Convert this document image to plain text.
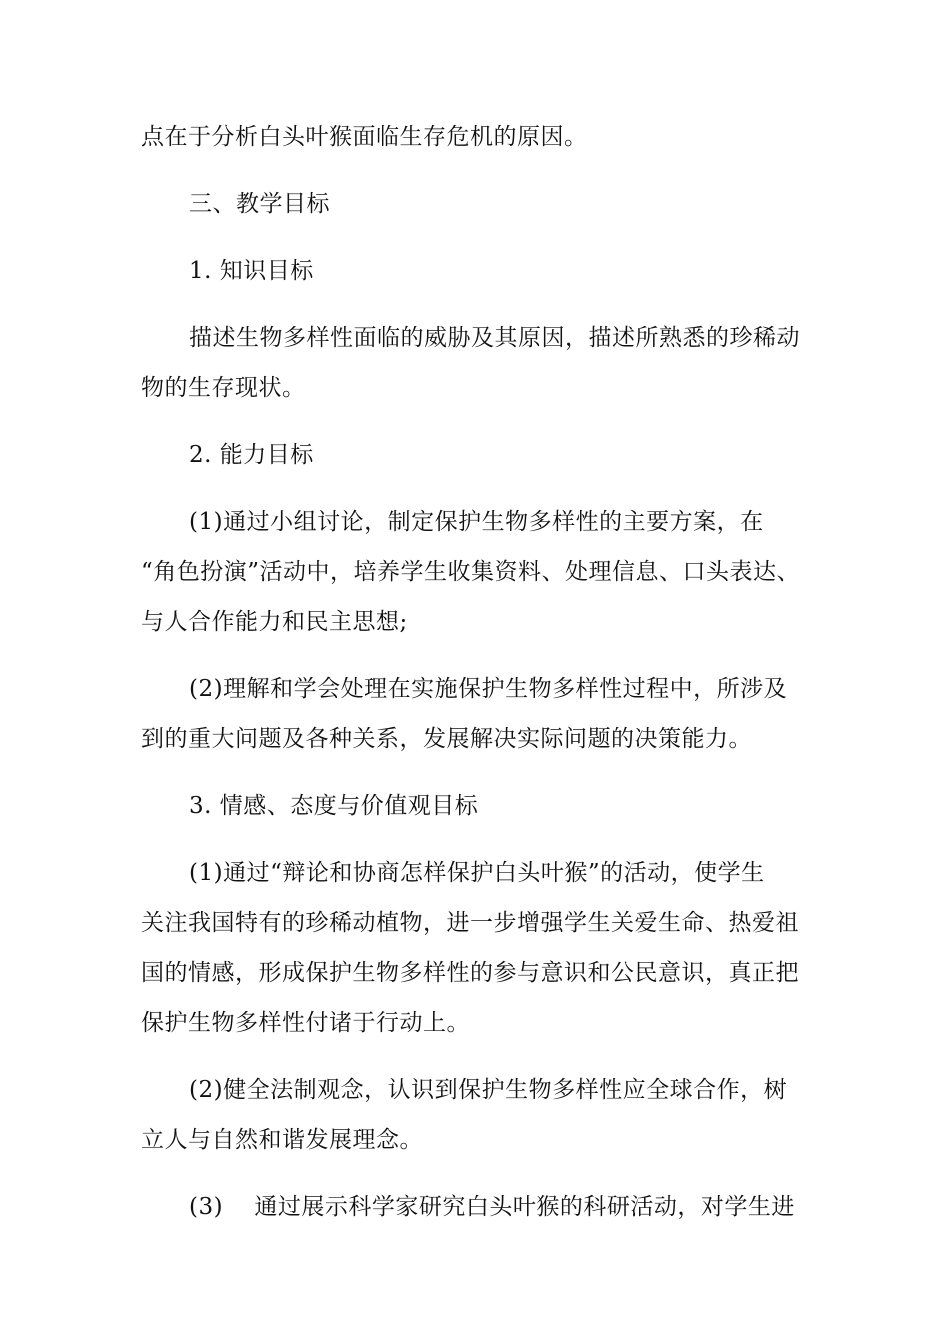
点在于分析白头叶猴面临生存危机的原因。
三、教学目标
1. 知识目标
描述生物多样性面临的威胁及其原因，描述所熟悉的珍稀动
物的生存现状。
2. 能力目标
(1)通过小组讨论，制定保护生物多样性的主要方案，在
“角色扮演”活动中，培养学生收集资料、处理信息、口头表达、
与人合作能力和民主思想;
(2)理解和学会处理在实施保护生物多样性过程中，所涉及
到的重大问题及各种关系，发展解决实际问题的决策能力。
3. 情感、态度与价值观目标
(1)通过“辩论和协商怎样保护白头叶猴”的活动，使学生
关注我国特有的珍稀动植物，进一步增强学生关爱生命、热爱祖
国的情感，形成保护生物多样性的参与意识和公民意识，真正把
保护生物多样性付诸于行动上。
(2)健全法制观念，认识到保护生物多样性应全球合作，树
立人与自然和谐发展理念。
(3)　 通过展示科学家研究白头叶猴的科研活动，对学生进
